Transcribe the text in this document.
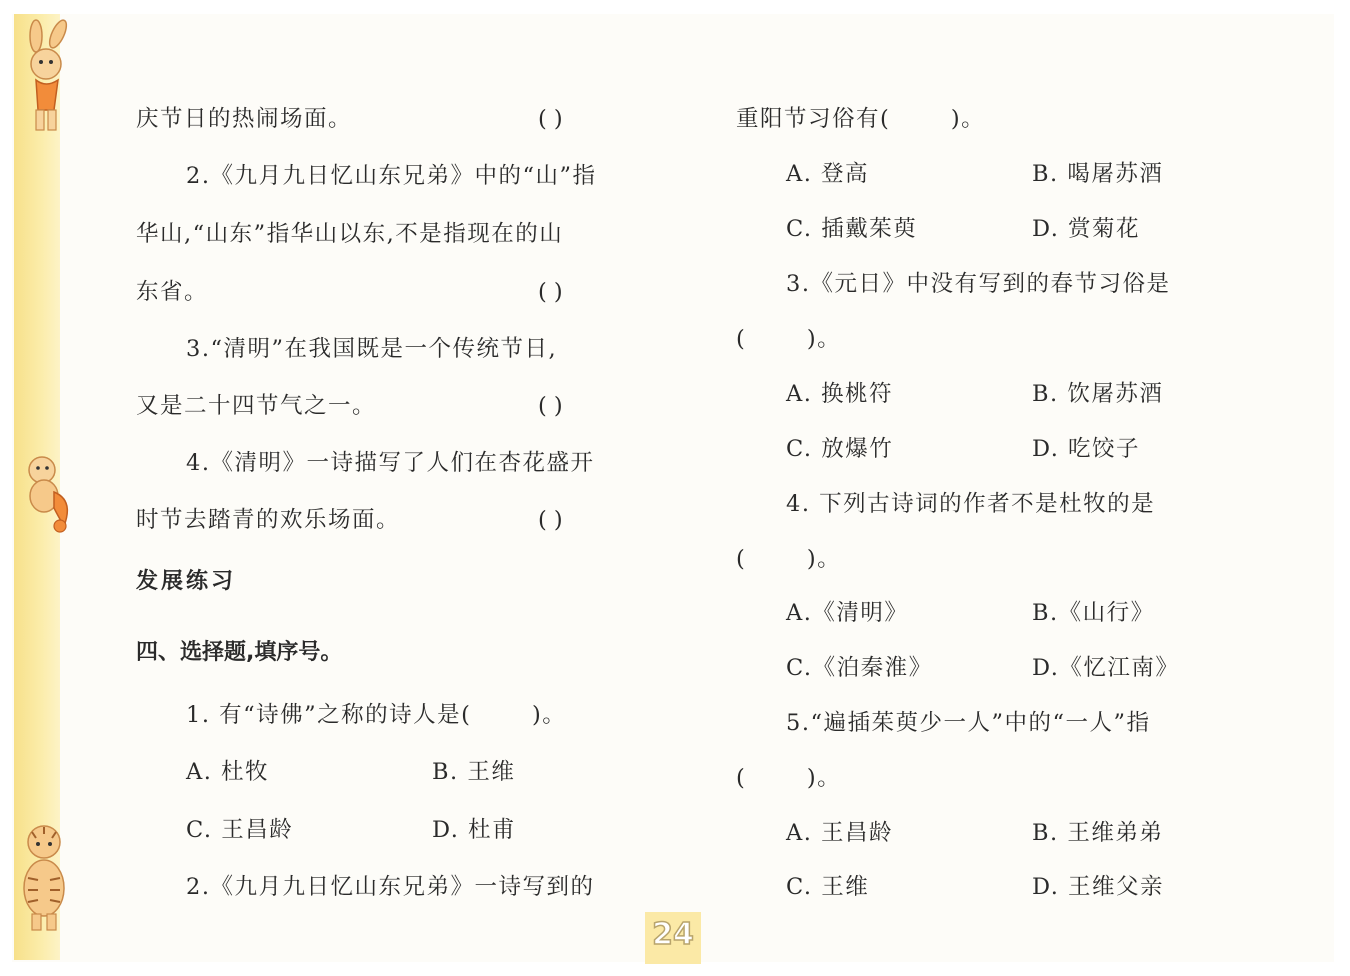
庆节日的热闹场面。	( )
2.《九月九日忆山东兄弟》中的“山”指
华山,“山东”指华山以东,不是指现在的山
东省。	( )
3.“清明”在我国既是一个传统节日,
又是二十四节气之一。	( )
4.《清明》一诗描写了人们在杏花盛开
时节去踏青的欢乐场面。	( )
发展练习
四、选择题,填序号。
1. 有“诗佛”之称的诗人是(       )。
A. 杜牧	B. 王维
C. 王昌龄	D. 杜甫
2.《九月九日忆山东兄弟》一诗写到的
重阳节习俗有(       )。
A. 登高	B. 喝屠苏酒
C. 插戴茱萸	D. 赏菊花
3.《元日》中没有写到的春节习俗是
(       )。
A. 换桃符	B. 饮屠苏酒
C. 放爆竹	D. 吃饺子
4. 下列古诗词的作者不是杜牧的是
(       )。
A.《清明》	B.《山行》
C.《泊秦淮》	D.《忆江南》
5.“遍插茱萸少一人”中的“一人”指
(       )。
A. 王昌龄	B. 王维弟弟
C. 王维	D. 王维父亲
24
